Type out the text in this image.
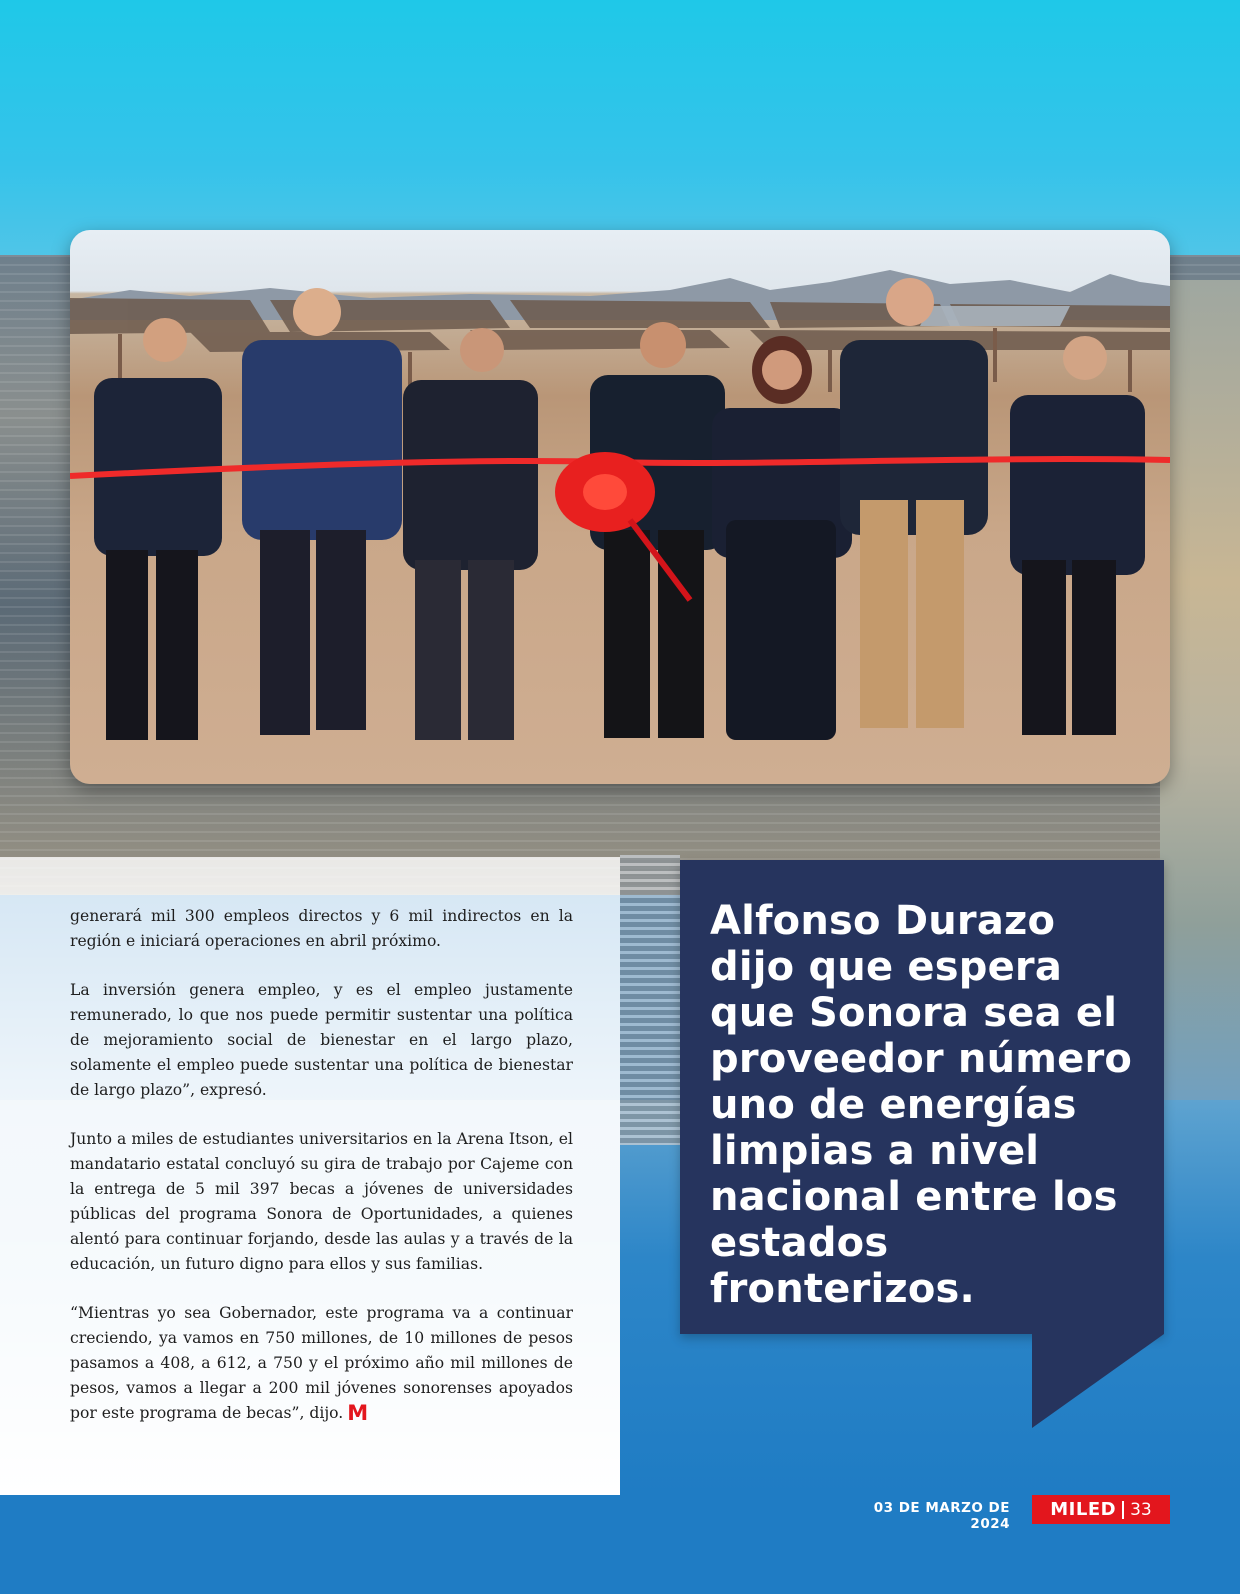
generará mil 300 empleos directos y 6 mil indirectos en la región e iniciará operaciones en abril próximo.

La inversión genera empleo, y es el empleo justamente remunerado, lo que nos puede permitir sustentar una política de mejoramiento social de bienestar en el largo plazo, solamente el empleo puede sustentar una política de bienestar de largo plazo”, expresó.

Junto a miles de estudiantes universitarios en la Arena Itson, el mandatario estatal concluyó su gira de trabajo por Cajeme con la entrega de 5 mil 397 becas a jóvenes de universidades públicas del programa Sonora de Oportunidades, a quienes alentó para continuar forjando, desde las aulas y a través de la educación, un futuro digno para ellos y sus familias.

“Mientras yo sea Gobernador, este programa va a continuar creciendo, ya vamos en 750 millones, de 10 millones de pesos pasamos a 408, a 612, a 750 y el próximo año mil millones de pesos, vamos a llegar a 200 mil jóvenes sonorenses apoyados por este programa de becas”, dijo. M

Alfonso Durazo dijo que espera que Sonora sea el proveedor número uno de energías limpias a nivel nacional entre los estados fronterizos.
03 DE MARZO DE 2024
MILED 33
